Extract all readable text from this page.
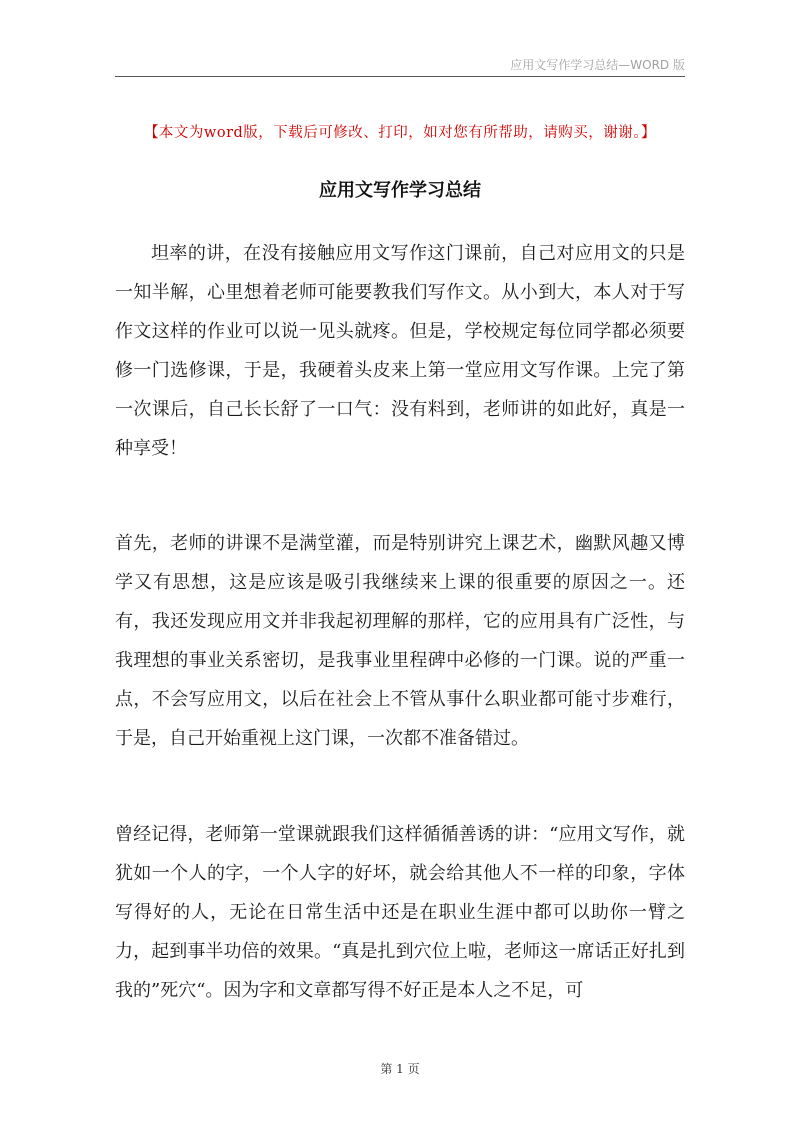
应用文写作学习总结—WORD 版
【本文为word版，下载后可修改、打印，如对您有所帮助，请购买，谢谢。】
应用文写作学习总结

坦率的讲，在没有接触应用文写作这门课前，自己对应用文的只是一知半解，心里想着老师可能要教我们写作文。从小到大，本人对于写作文这样的作业可以说一见头就疼。但是，学校规定每位同学都必须要修一门选修课，于是，我硬着头皮来上第一堂应用文写作课。上完了第一次课后，自己长长舒了一口气：没有料到，老师讲的如此好，真是一种享受！

首先，老师的讲课不是满堂灌，而是特别讲究上课艺术，幽默风趣又博学又有思想，这是应该是吸引我继续来上课的很重要的原因之一。还有，我还发现应用文并非我起初理解的那样，它的应用具有广泛性，与我理想的事业关系密切，是我事业里程碑中必修的一门课。说的严重一点，不会写应用文，以后在社会上不管从事什么职业都可能寸步难行，于是，自己开始重视上这门课，一次都不准备错过。

曾经记得，老师第一堂课就跟我们这样循循善诱的讲：“应用文写作，就犹如一个人的字，一个人字的好坏，就会给其他人不一样的印象，字体写得好的人，无论在日常生活中还是在职业生涯中都可以助你一臂之力，起到事半功倍的效果。“真是扎到穴位上啦，老师这一席话正好扎到我的”死穴“。因为字和文章都写得不好正是本人之不足，可

第 1 页
